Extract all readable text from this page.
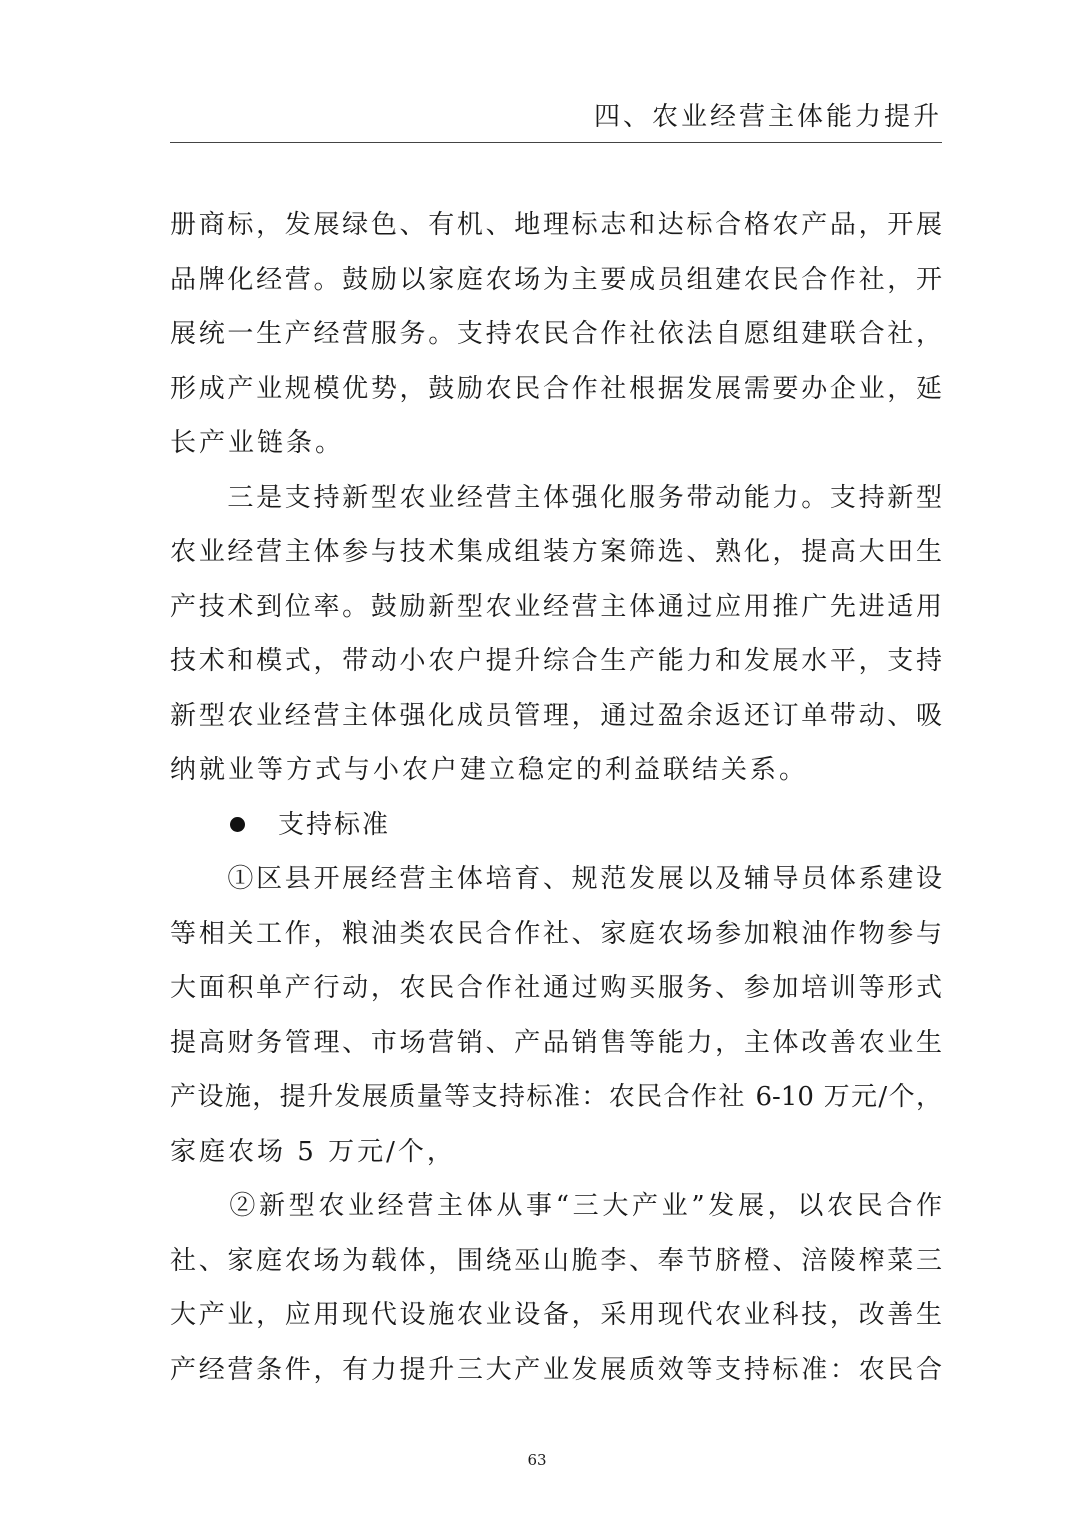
四、农业经营主体能力提升
册商标，发展绿色、有机、地理标志和达标合格农产品，开展
品牌化经营。鼓励以家庭农场为主要成员组建农民合作社，开
展统一生产经营服务。支持农民合作社依法自愿组建联合社，
形成产业规模优势，鼓励农民合作社根据发展需要办企业，延
长产业链条。
　　三是支持新型农业经营主体强化服务带动能力。支持新型
农业经营主体参与技术集成组装方案筛选、熟化，提高大田生
产技术到位率。鼓励新型农业经营主体通过应用推广先进适用
技术和模式，带动小农户提升综合生产能力和发展水平，支持
新型农业经营主体强化成员管理，通过盈余返还订单带动、吸
纳就业等方式与小农户建立稳定的利益联结关系。
支持标准
　　①区县开展经营主体培育、规范发展以及辅导员体系建设
等相关工作，粮油类农民合作社、家庭农场参加粮油作物参与
大面积单产行动，农民合作社通过购买服务、参加培训等形式
提高财务管理、市场营销、产品销售等能力，主体改善农业生
产设施，提升发展质量等支持标准：农民合作社 6-10 万元/个，
家庭农场 5 万元/个，
　　②新型农业经营主体从事“三大产业”发展，以农民合作
社、家庭农场为载体，围绕巫山脆李、奉节脐橙、涪陵榨菜三
大产业，应用现代设施农业设备，采用现代农业科技，改善生
产经营条件，有力提升三大产业发展质效等支持标准：农民合
63
